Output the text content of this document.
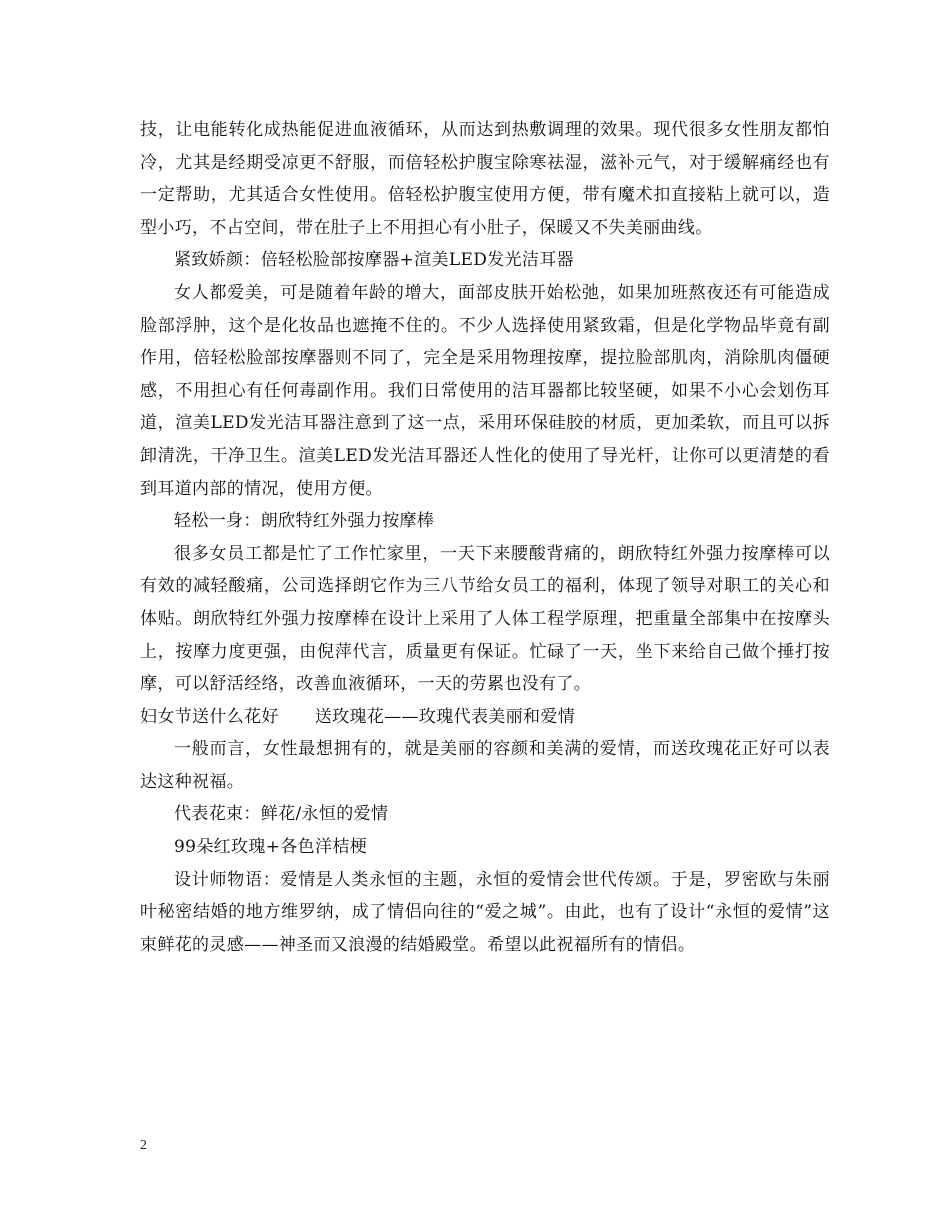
技，让电能转化成热能促进血液循环，从而达到热敷调理的效果。现代很多女性朋友都怕冷，尤其是经期受凉更不舒服，而倍轻松护腹宝除寒祛湿，滋补元气，对于缓解痛经也有一定帮助，尤其适合女性使用。倍轻松护腹宝使用方便，带有魔术扣直接粘上就可以，造型小巧，不占空间，带在肚子上不用担心有小肚子，保暖又不失美丽曲线。

紧致娇颜：倍轻松脸部按摩器+渲美LED发光洁耳器

女人都爱美，可是随着年龄的增大，面部皮肤开始松弛，如果加班熬夜还有可能造成脸部浮肿，这个是化妆品也遮掩不住的。不少人选择使用紧致霜，但是化学物品毕竟有副作用，倍轻松脸部按摩器则不同了，完全是采用物理按摩，提拉脸部肌肉，消除肌肉僵硬感，不用担心有任何毒副作用。我们日常使用的洁耳器都比较坚硬，如果不小心会划伤耳道，渲美LED发光洁耳器注意到了这一点，采用环保硅胶的材质，更加柔软，而且可以拆卸清洗，干净卫生。渲美LED发光洁耳器还人性化的使用了导光杆，让你可以更清楚的看到耳道内部的情况，使用方便。

轻松一身：朗欣特红外强力按摩棒

很多女员工都是忙了工作忙家里，一天下来腰酸背痛的，朗欣特红外强力按摩棒可以有效的减轻酸痛，公司选择朗它作为三八节给女员工的福利，体现了领导对职工的关心和体贴。朗欣特红外强力按摩棒在设计上采用了人体工程学原理，把重量全部集中在按摩头上，按摩力度更强，由倪萍代言，质量更有保证。忙碌了一天，坐下来给自己做个捶打按摩，可以舒活经络，改善血液循环，一天的劳累也没有了。

妇女节送什么花好 送玫瑰花——玫瑰代表美丽和爱情

一般而言，女性最想拥有的，就是美丽的容颜和美满的爱情，而送玫瑰花正好可以表达这种祝福。

代表花束：鲜花/永恒的爱情

99朵红玫瑰+各色洋桔梗

设计师物语：爱情是人类永恒的主题，永恒的爱情会世代传颂。于是，罗密欧与朱丽叶秘密结婚的地方维罗纳，成了情侣向往的“爱之城”。由此，也有了设计“永恒的爱情”这束鲜花的灵感——神圣而又浪漫的结婚殿堂。希望以此祝福所有的情侣。

2
